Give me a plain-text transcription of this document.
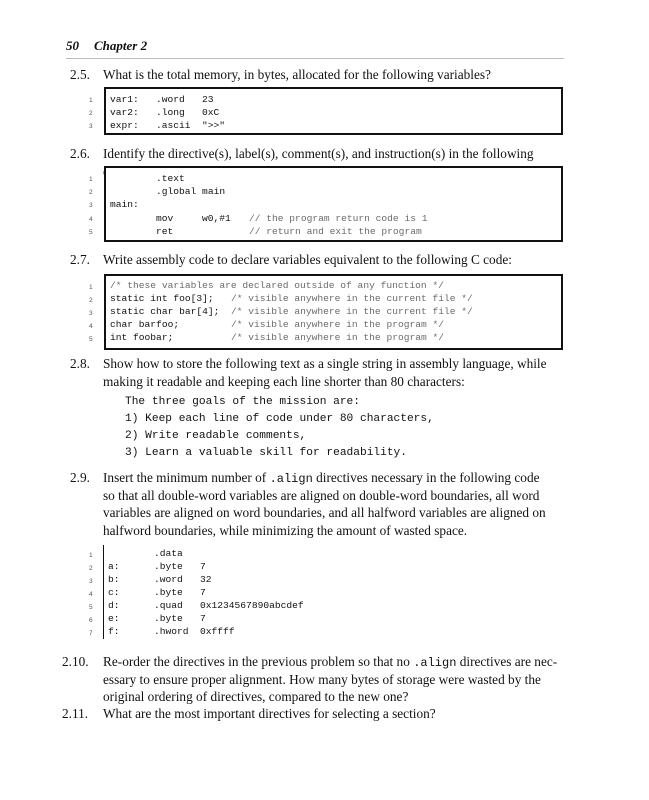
50 Chapter 2
2.5. What is the total memory, in bytes, allocated for the following variables?

var1: .word 23

var2: .long 0xC

expr: .ascii ">>"

1
2
3
2.6. Identify the directive(s), label(s), comment(s), and instruction(s) in the following
.text
.global main
main:

mov	w0,#1 // the program return code is 1

ret	// return and exit the program

1
2
3
4
5
2.7. Write assembly code to declare variables equivalent to the following C code:
/* these variables are declared outside of any function */

static int foo[3]; /* visible anywhere in the current file */

static char bar[4]; /* visible anywhere in the current file */

char barfoo;	/* visible anywhere in the program */

int foobar;	/* visible anywhere in the program */

1
2
3
4
5
2.8. Show how to store the following text as a single string in assembly language, while
making it readable and keeping each line shorter than 80 characters:
The three goals of the mission are:
1) Keep each line of code under 80 characters,
2) Write readable comments,
3) Learn a valuable skill for readability.
2.9. Insert the minimum number of .align directives necessary in the following code
so that all double-word variables are aligned on double-word boundaries, all word
variables are aligned on word boundaries, and all halfword variables are aligned on
halfword boundaries, while minimizing the amount of wasted space.
.data
a:	.byte 7
b:	.word 32
c:	.byte 7
d:	.quad 0x1234567890abcdef
e:	.byte 7
f:	.hword 0xffff
1
2
3
4
5
6
7
2.10. Re-order the directives in the previous problem so that no .align directives are nec-
essary to ensure proper alignment. How many bytes of storage were wasted by the
original ordering of directives, compared to the new one?
2.11. What are the most important directives for selecting a section?
